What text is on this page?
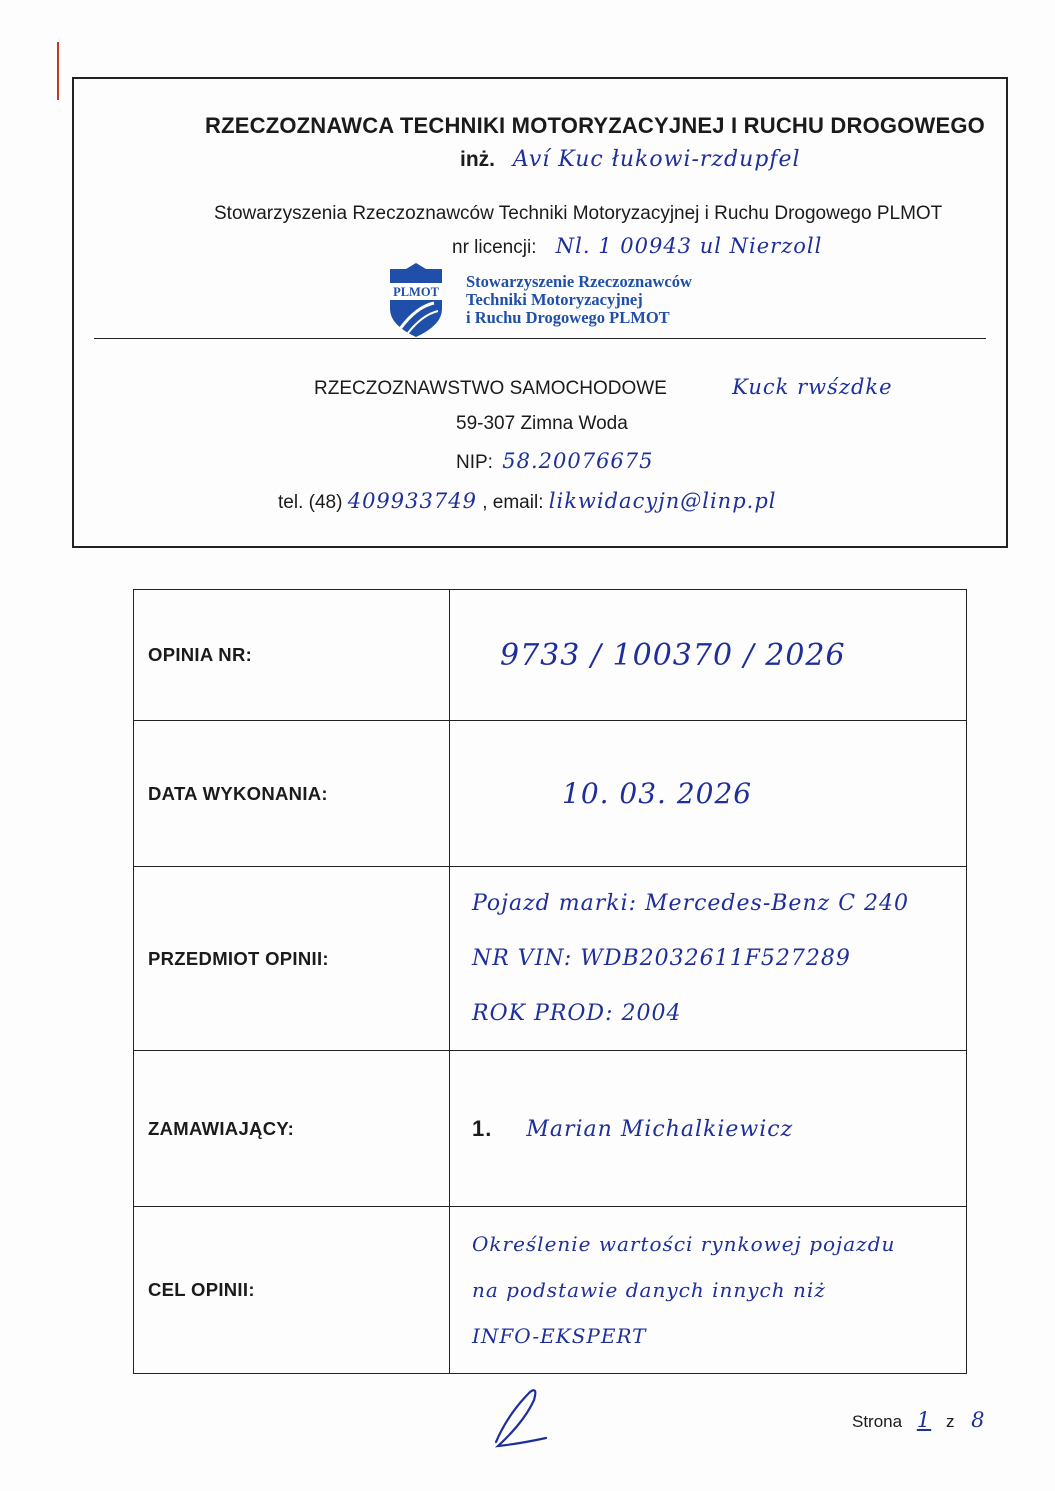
RZECZOZNAWCA TECHNIKI MOTORYZACYJNEJ I RUCHU DROGOWEGO
inż. Aví Kuc łukowi-rzdupfel
Stowarzyszenia Rzeczoznawców Techniki Motoryzacyjnej i Ruchu Drogowego PLMOT
nr licencji: Nl. 1 00943 ul Nierzoll
PLMOT
Stowarzyszenie Rzeczoznawców
Techniki Motoryzacyjnej
i Ruchu Drogowego PLMOT
RZECZOZNAWSTWO SAMOCHODOWE	Kuck rwśzdke
59-307 Zimna Woda
NIP: 58.20076675
tel. (48) 409933749 , email: likwidacyjn@linp.pl
OPINIA NR:	9733 / 100370 / 2026
DATA WYKONANIA:	10. 03. 2026
PRZEDMIOT OPINII:	Pojazd marki: Mercedes-Benz C 240
NR VIN: WDB2032611F527289
ROK PROD: 2004

ZAMAWIAJĄCY:	1. Marian Michalkiewicz

CEL OPINII:	Określenie wartości rynkowej pojazdu
na podstawie danych innych niż
INFO-EKSPERT
Strona 1 z 8
